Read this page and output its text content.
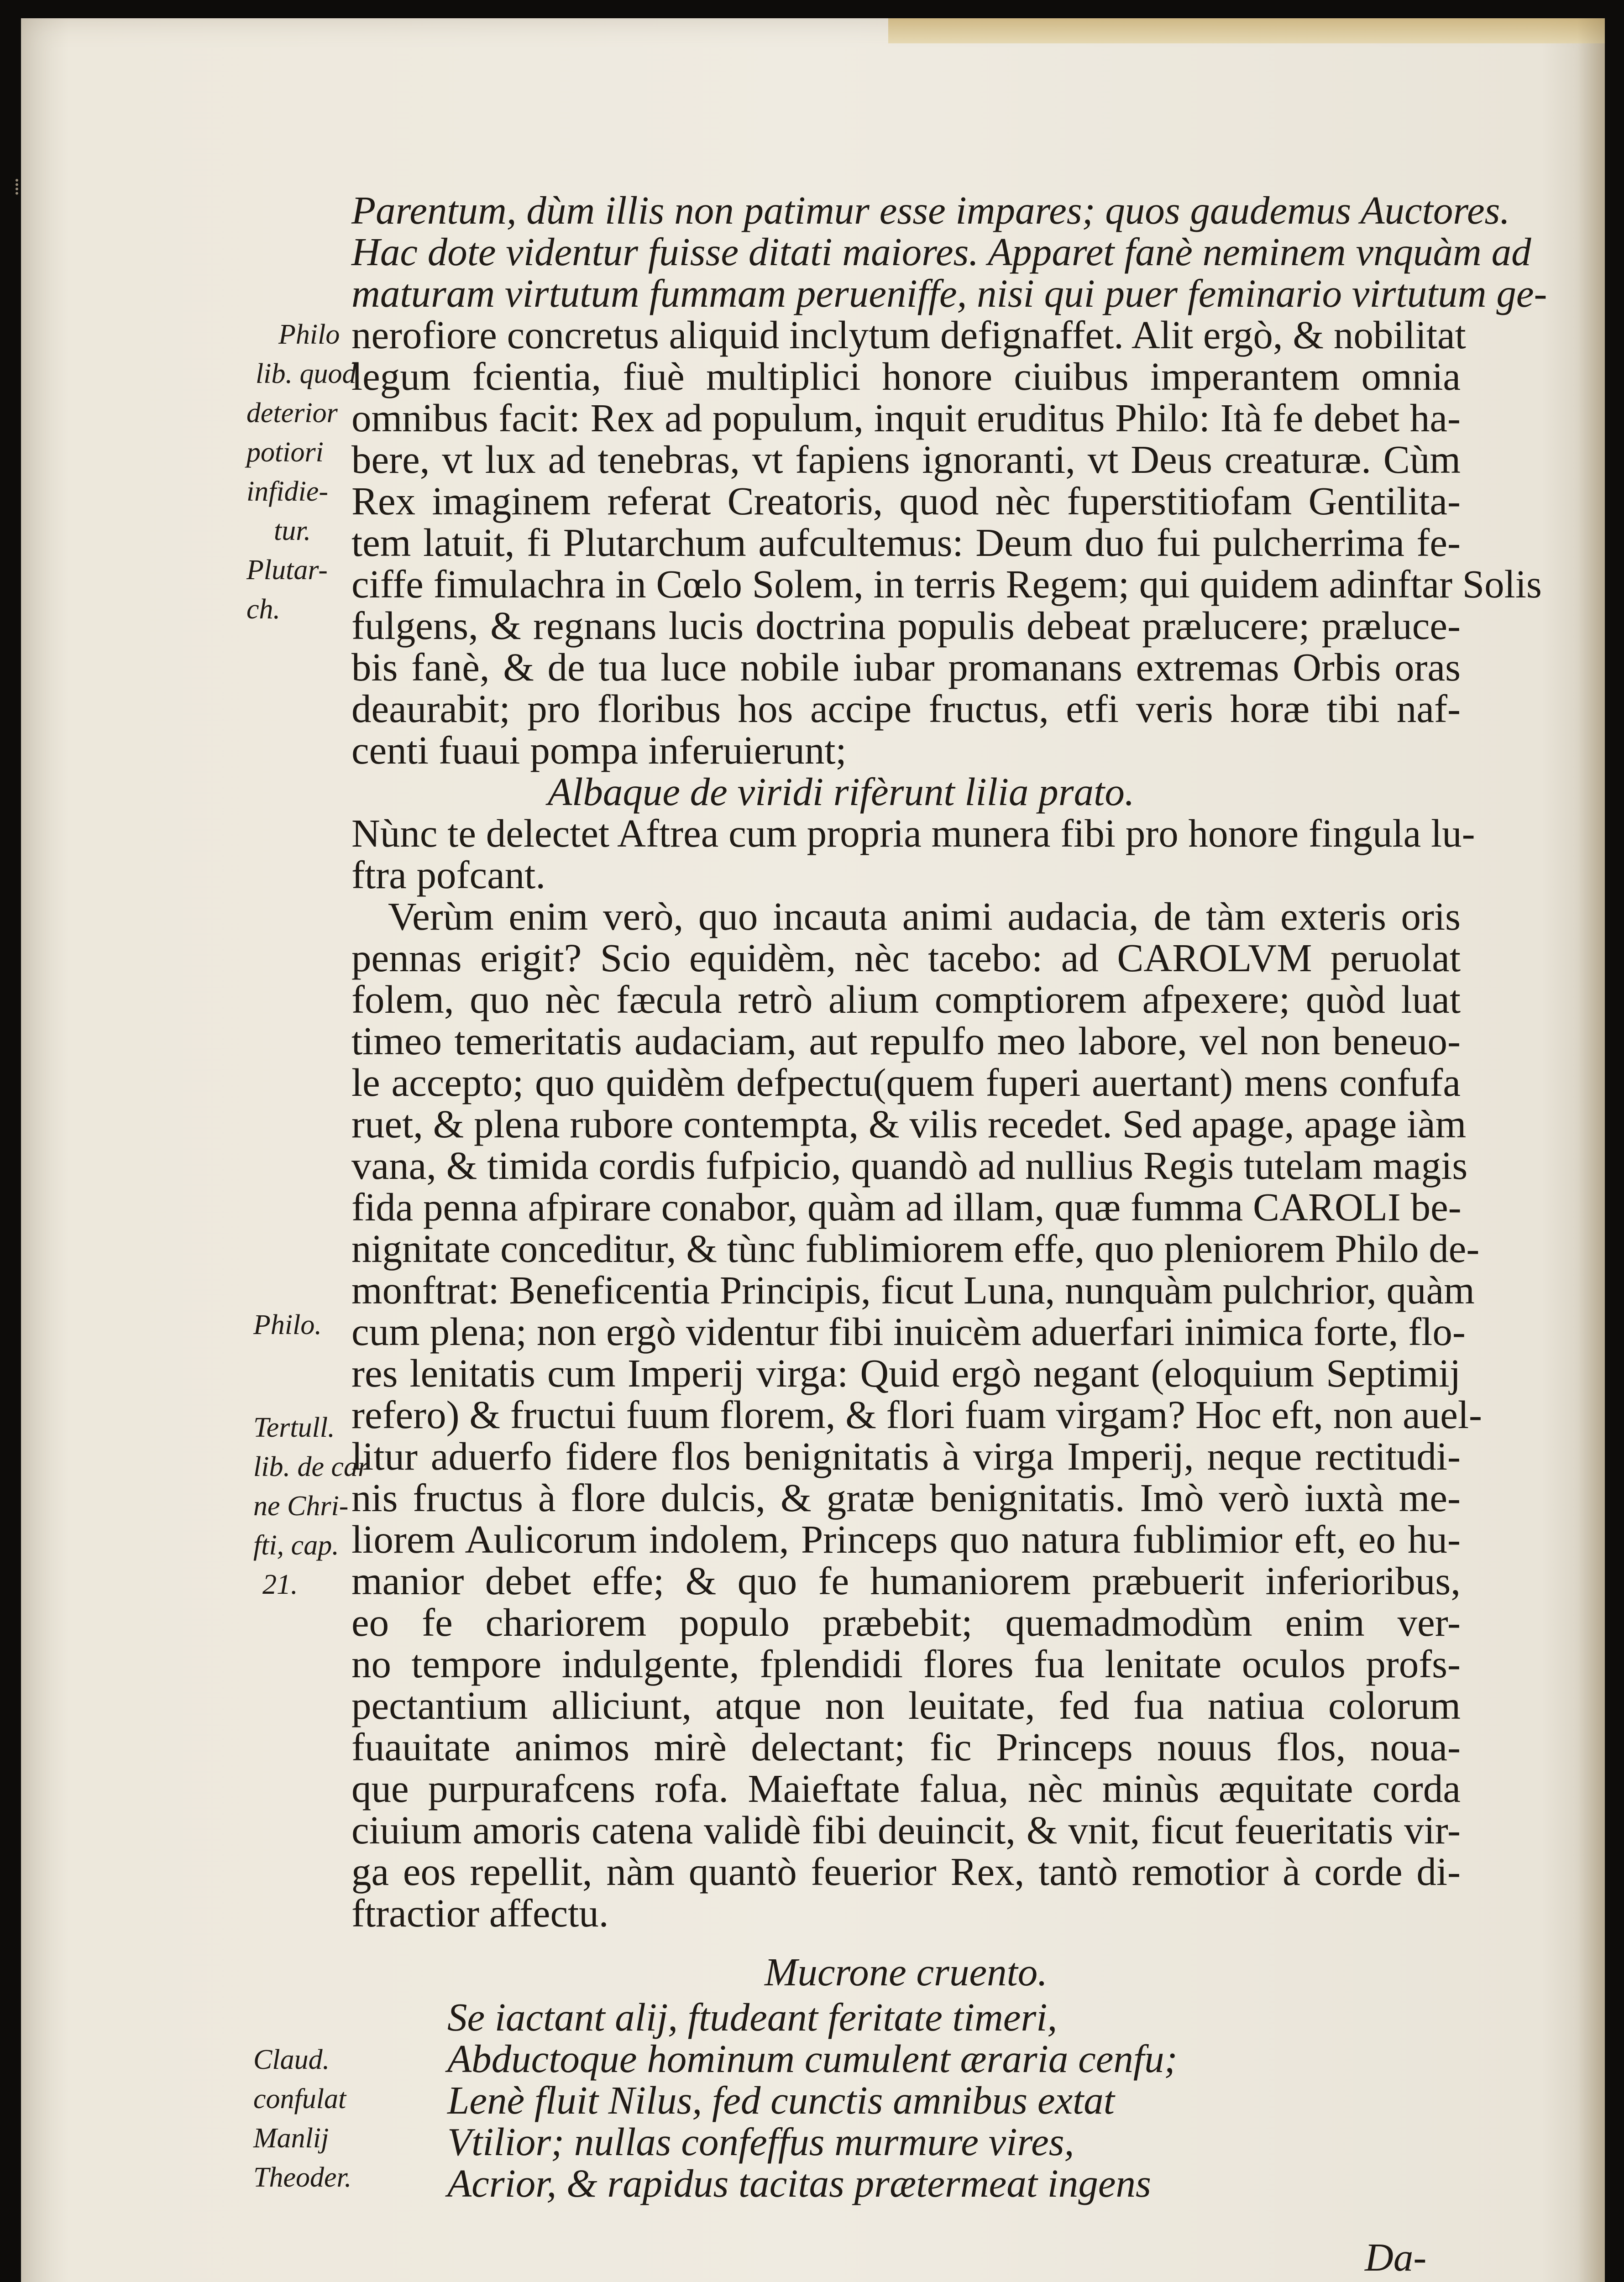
Philo
lib. quod
deterior
potiori
infidie-
tur.
Plutar-
ch.
Philo.
Tertull.
lib. de car
ne Chri-
fti, cap.
21.
Claud.
confulat
Manlij
Theoder.
Parentum, dùm illis non patimur esse impares; quos gaudemus Auctores.
Hac dote videntur fuisse ditati maiores. Apparet fanè neminem vnquàm ad
maturam virtutum fummam perueniffe, nisi qui puer feminario virtutum ge-
nerofiore concretus aliquid inclytum defignaffet. Alit ergò, & nobilitat
legum fcientia, fiuè multiplici honore ciuibus imperantem omnia
omnibus facit: Rex ad populum, inquit eruditus Philo: Ità fe debet ha-
bere, vt lux ad tenebras, vt fapiens ignoranti, vt Deus creaturæ. Cùm
Rex imaginem referat Creatoris, quod nèc fuperstitiofam Gentilita-
tem latuit, fi Plutarchum aufcultemus: Deum duo fui pulcherrima fe-
ciffe fimulachra in Cœlo Solem, in terris Regem; qui quidem adinftar Solis
fulgens, & regnans lucis doctrina populis debeat prælucere; præluce-
bis fanè, & de tua luce nobile iubar promanans extremas Orbis oras
deaurabit; pro floribus hos accipe fructus, etfi veris horæ tibi naf-
centi fuaui pompa inferuierunt;
Albaque de viridi rifèrunt lilia prato.
Nùnc te delectet Aftrea cum propria munera fibi pro honore fingula lu-
ftra pofcant.
Verùm enim verò, quo incauta animi audacia, de tàm exteris oris
pennas erigit? Scio equidèm, nèc tacebo: ad CAROLVM peruolat
folem, quo nèc fæcula retrò alium comptiorem afpexere; quòd luat
timeo temeritatis audaciam, aut repulfo meo labore, vel non beneuo-
le accepto; quo quidèm defpectu(quem fuperi auertant) mens confufa
ruet, & plena rubore contempta, & vilis recedet. Sed apage, apage iàm
vana, & timida cordis fufpicio, quandò ad nullius Regis tutelam magis
fida penna afpirare conabor, quàm ad illam, quæ fumma CAROLI be-
nignitate conceditur, & tùnc fublimiorem effe, quo pleniorem Philo de-
monftrat: Beneficentia Principis, ficut Luna, nunquàm pulchrior, quàm
cum plena; non ergò videntur fibi inuicèm aduerfari inimica forte, flo-
res lenitatis cum Imperij virga: Quid ergò negant (eloquium Septimij
refero) & fructui fuum florem, & flori fuam virgam? Hoc eft, non auel-
litur aduerfo fidere flos benignitatis à virga Imperij, neque rectitudi-
nis fructus à flore dulcis, & gratæ benignitatis. Imò verò iuxtà me-
liorem Aulicorum indolem, Princeps quo natura fublimior eft, eo hu-
manior debet effe; & quo fe humaniorem præbuerit inferioribus,
eo fe chariorem populo præbebit; quemadmodùm enim ver-
no tempore indulgente, fplendidi flores fua lenitate oculos profs-
pectantium alliciunt, atque non leuitate, fed fua natiua colorum
fuauitate animos mirè delectant; fic Princeps nouus flos, noua-
que purpurafcens rofa. Maieftate falua, nèc minùs æquitate corda
ciuium amoris catena validè fibi deuincit, & vnit, ficut feueritatis vir-
ga eos repellit, nàm quantò feuerior Rex, tantò remotior à corde di-
ftractior affectu.
Mucrone cruento.
Se iactant alij, ftudeant feritate timeri,
Abductoque hominum cumulent æraria cenfu;
Lenè fluit Nilus, fed cunctis amnibus extat
Vtilior; nullas confeffus murmure vires,
Acrior, & rapidus tacitas prætermeat ingens
Da-
⁞
